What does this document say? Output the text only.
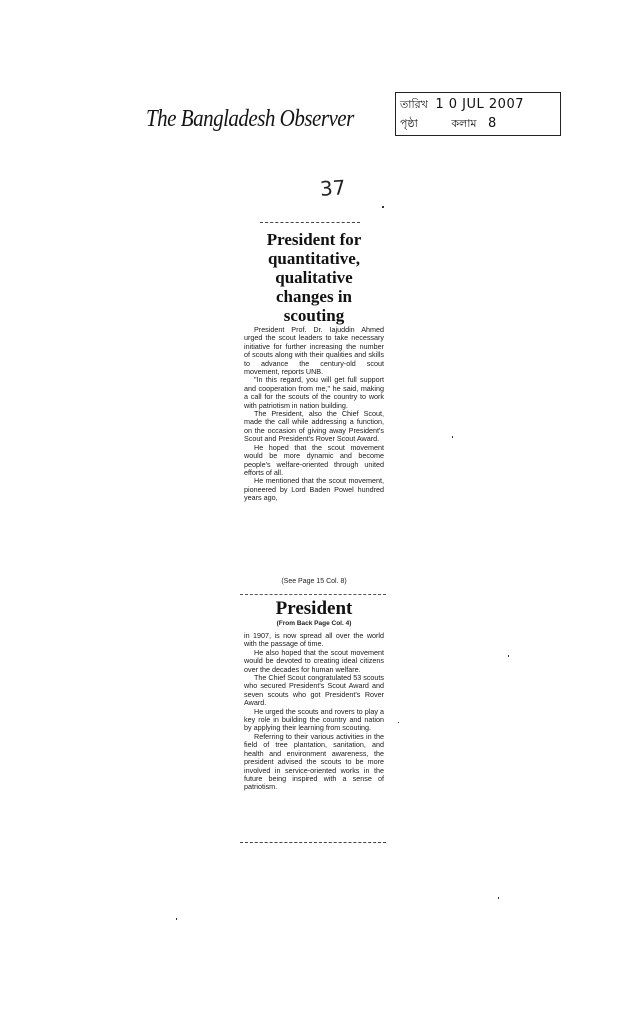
The Bangladesh Observer	তারিখ 1 0 JUL 2007
পৃষ্ঠা	কলাম 8
37
President for
quantitative,
qualitative
changes in
scouting

President Prof. Dr. Iajuddin Ahmed urged the scout leaders to take necessary initiative for further increasing the number of scouts along with their qualities and skills to advance the century-old scout movement, reports UNB.

"In this regard, you will get full support and cooperation from me," he said, making a call for the scouts of the country to work with patriotism in nation building.

The President, also the Chief Scout, made the call while addressing a function, on the occasion of giving away President's Scout and President's Rover Scout Award.

He hoped that the scout movement would be more dynamic and become people's welfare-oriented through united efforts of all.

He mentioned that the scout movement, pioneered by Lord Baden Powel hundred years ago,

(See Page 15 Col. 8)
President
(From Back Page Col. 4)

in 1907, is now spread all over the world with the passage of time.

He also hoped that the scout movement would be devoted to creating ideal citizens over the decades for human welfare.

The Chief Scout congratulated 53 scouts who secured President's Scout Award and seven scouts who got President's Rover Award.

He urged the scouts and rovers to play a key role in building the country and nation by applying their learning from scouting.

Referring to their various activities in the field of tree plantation, sanitation, and health and environment awareness, the president advised the scouts to be more involved in service-oriented works in the future being inspired with a sense of patriotism.
